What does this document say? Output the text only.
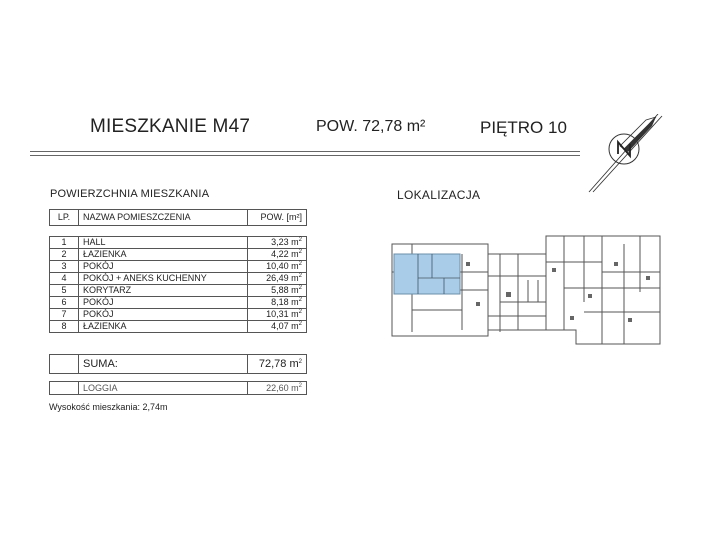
MIESZKANIE M47	POW. 72,78 m²	PIĘTRO 10
POWIERZCHNIA MIESZKANIA
LP.	NAZWA POMIESZCZENIA	POW. [m²]
1	HALL	3,23 $m^2$
2	ŁAZIENKA	4,22 $m^2$
3	POKÓJ	10,40 $m^2$
4	POKÓJ + ANEKS KUCHENNY	26,49 $m^2$
5	KORYTARZ	5,88 $m^2$
6	POKÓJ	8,18 $m^2$
7	POKÓJ	10,31 $m^2$
8	ŁAZIENKA	4,07 $m^2$
	SUMA:	72,78 $m^2$
	LOGGIA	22,60 $m^2$
Wysokość mieszkania: 2,74m
LOKALIZACJA
